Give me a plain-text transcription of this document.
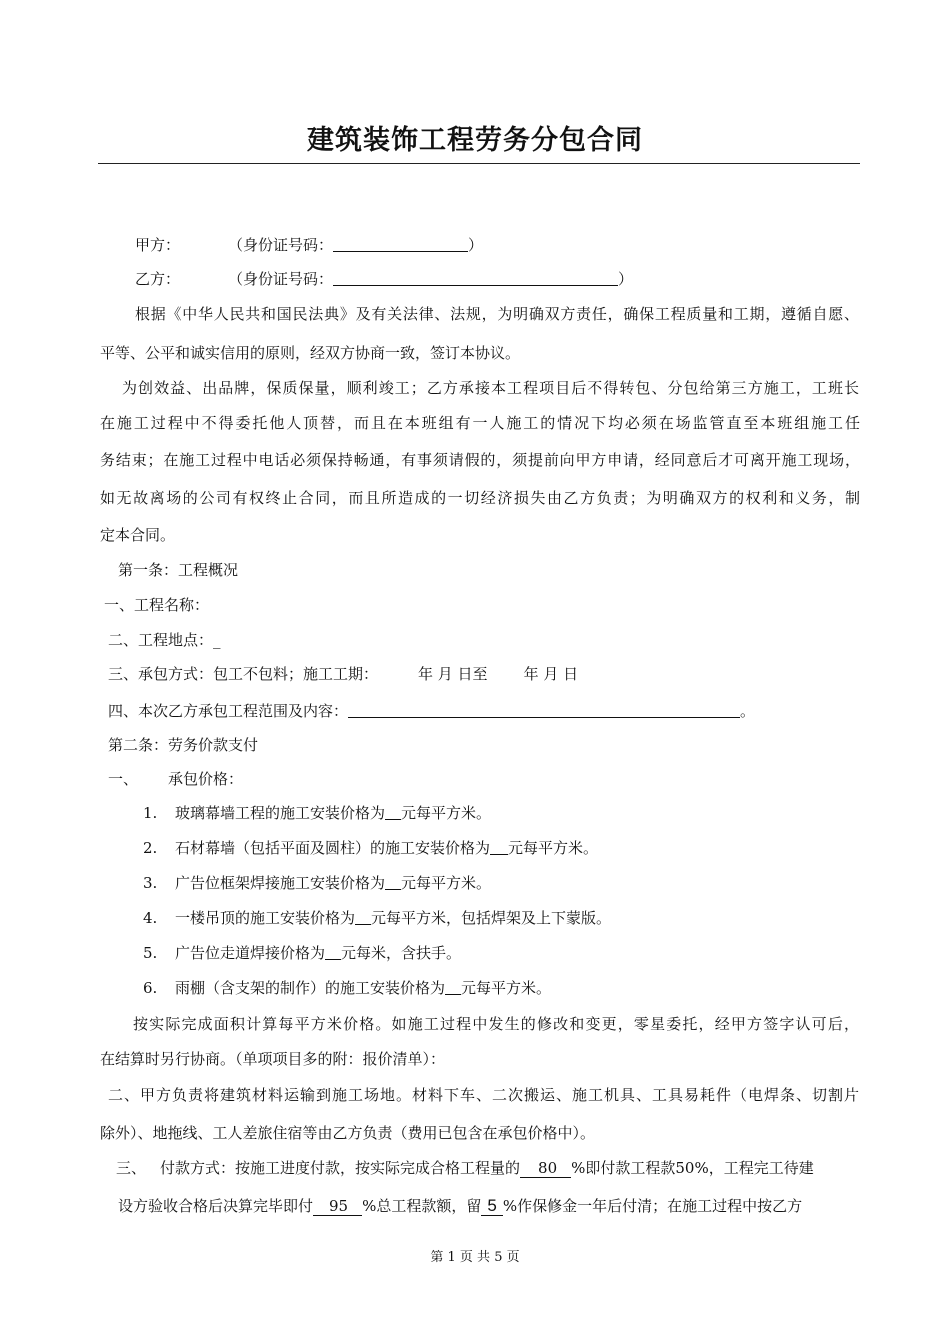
建筑装饰工程劳务分包合同

甲方：	（身份证号码：	）

乙方：	（身份证号码：	）

根据《中华人民共和国民法典》及有关法律、法规，为明确双方责任，确保工程质量和工期，遵循自愿、

平等、公平和诚实信用的原则，经双方协商一致，签订本协议。

为创效益、出品牌，保质保量，顺利竣工；乙方承接本工程项目后不得转包、分包给第三方施工，工班长

在施工过程中不得委托他人顶替，而且在本班组有一人施工的情况下均必须在场监管直至本班组施工任

务结束；在施工过程中电话必须保持畅通，有事须请假的，须提前向甲方申请，经同意后才可离开施工现场，

如无故离场的公司有权终止合同，而且所造成的一切经济损失由乙方负责；为明确双方的权利和义务，制

定本合同。

第一条：工程概况

一、工程名称：

二、工程地点：_

三、承包方式：包工不包料；施工工期：	年 月 日至 年 月 日

四、本次乙方承包工程范围及内容：	。

第二条：劳务价款支付

一、 承包价格：

1. 玻璃幕墙工程的施工安装价格为 元每平方米。
2. 石材幕墙（包括平面及圆柱）的施工安装价格为 元每平方米。
3. 广告位框架焊接施工安装价格为 元每平方米。
4. 一楼吊顶的施工安装价格为 元每平方米，包括焊架及上下蒙版。
5. 广告位走道焊接价格为 元每米，含扶手。
6. 雨棚（含支架的制作）的施工安装价格为 元每平方米。

按实际完成面积计算每平方米价格。如施工过程中发生的修改和变更，零星委托，经甲方签字认可后，

在结算时另行协商。（单项项目多的附：报价清单）：

二、甲方负责将建筑材料运输到施工场地。材料下车、二次搬运、施工机具、工具易耗件（电焊条、切割片

除外）、地拖线、工人差旅住宿等由乙方负责（费用已包含在承包价格中）。

三、 付款方式：按施工进度付款，按实际完成合格工程量的 80 %即付款工程款50%，工程完工待建

设方验收合格后决算完毕即付 95 %总工程款额，留 5 %作保修金一年后付清；在施工过程中按乙方

第 1 页 共 5 页
